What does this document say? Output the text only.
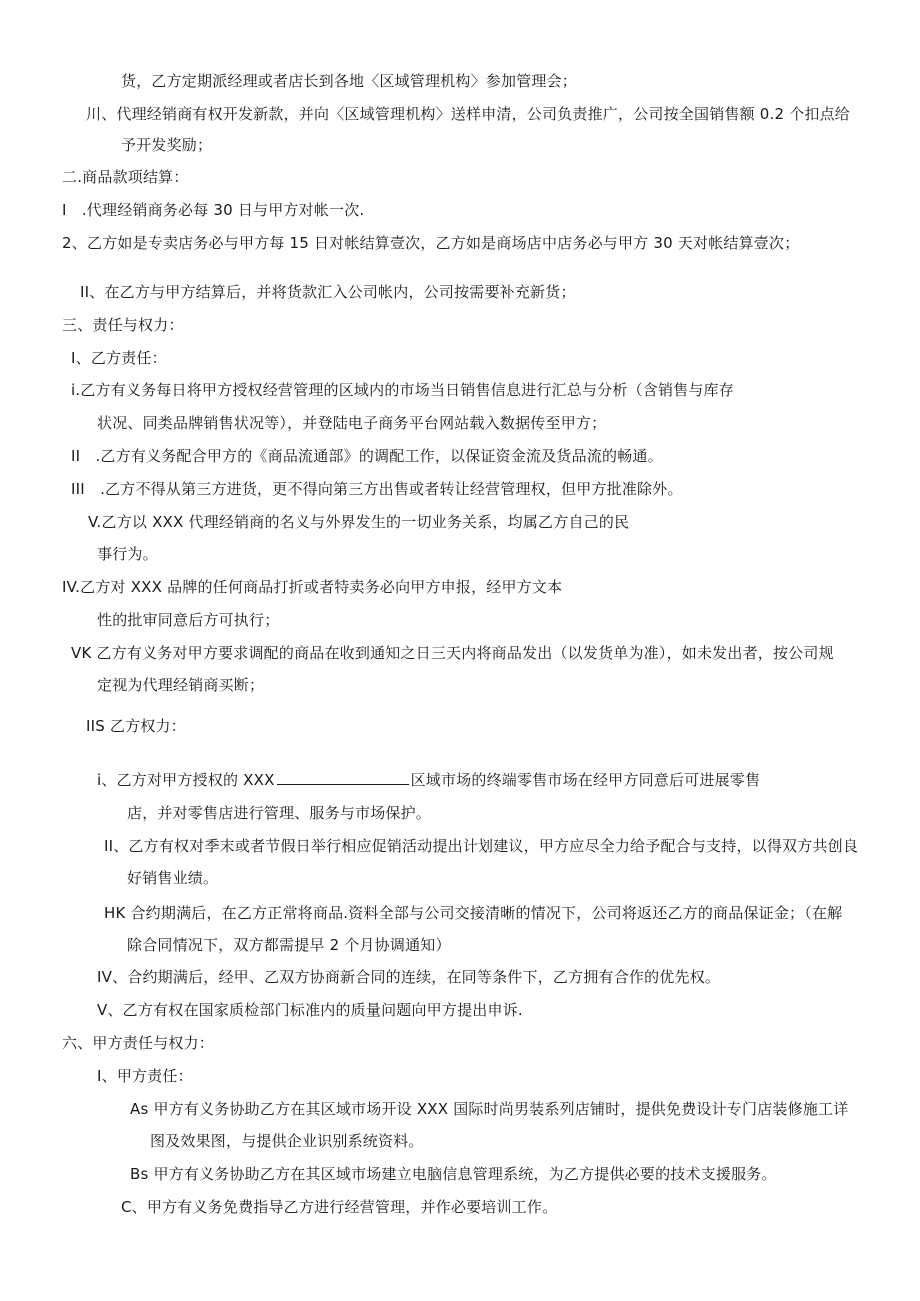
货，乙方定期派经理或者店长到各地〈区域管理机构〉参加管理会；
川、代理经销商有权开发新款，并向〈区域管理机构〉送样申清，公司负责推广，公司按全国销售额 0.2 个扣点给
予开发奖励；
二.商品款项结算：
I　.代理经销商务必每 30 日与甲方对帐一次.
2、乙方如是专卖店务必与甲方每 15 日对帐结算壹次，乙方如是商场店中店务必与甲方 30 天对帐结算壹次；
II、在乙方与甲方结算后，并将货款汇入公司帐内，公司按需要补充新货；
三、责任与权力：
I、乙方责任：
i.乙方有义务每日将甲方授权经营管理的区域内的市场当日销售信息进行汇总与分析（含销售与库存
状况、同类品牌销售状况等），并登陆电子商务平台网站载入数据传至甲方；
II　.乙方有义务配合甲方的《商品流通部》的调配工作，以保证资金流及货品流的畅通。
III　.乙方不得从第三方进货，更不得向第三方出售或者转让经营管理权，但甲方批准除外。
V.乙方以 XXX 代理经销商的名义与外界发生的一切业务关系，均属乙方自己的民
事行为。
IV.乙方对 XXX 品牌的任何商品打折或者特卖务必向甲方申报，经甲方文本
性的批审同意后方可执行；
VK 乙方有义务对甲方要求调配的商品在收到通知之日三天内将商品发出（以发货单为准），如未发出者，按公司规
定视为代理经销商买断；
IIS 乙方权力：
i、乙方对甲方授权的 XXX	区域市场的终端零售市场在经甲方同意后可进展零售
店，并对零售店进行管理、服务与市场保护。
II、乙方有权对季末或者节假日举行相应促销活动提出计划建议，甲方应尽全力给予配合与支持，以得双方共创良
好销售业绩。
HK 合约期满后，在乙方正常将商品.资料全部与公司交接清晰的情况下，公司将返还乙方的商品保证金；（在解
除合同情况下，双方都需提早 2 个月协调通知）
IV、合约期满后，经甲、乙双方协商新合同的连续，在同等条件下，乙方拥有合作的优先权。
V、乙方有权在国家质检部门标准内的质量问题向甲方提出申诉.
六、甲方责任与权力：
I、甲方责任：
As 甲方有义务协助乙方在其区域市场开设 XXX 国际时尚男装系列店铺时，提供免费设计专门店装修施工详
图及效果图，与提供企业识别系统资料。
Bs 甲方有义务协助乙方在其区域市场建立电脑信息管理系统，为乙方提供必要的技术支援服务。
C、甲方有义务免费指导乙方进行经营管理，并作必要培训工作。
